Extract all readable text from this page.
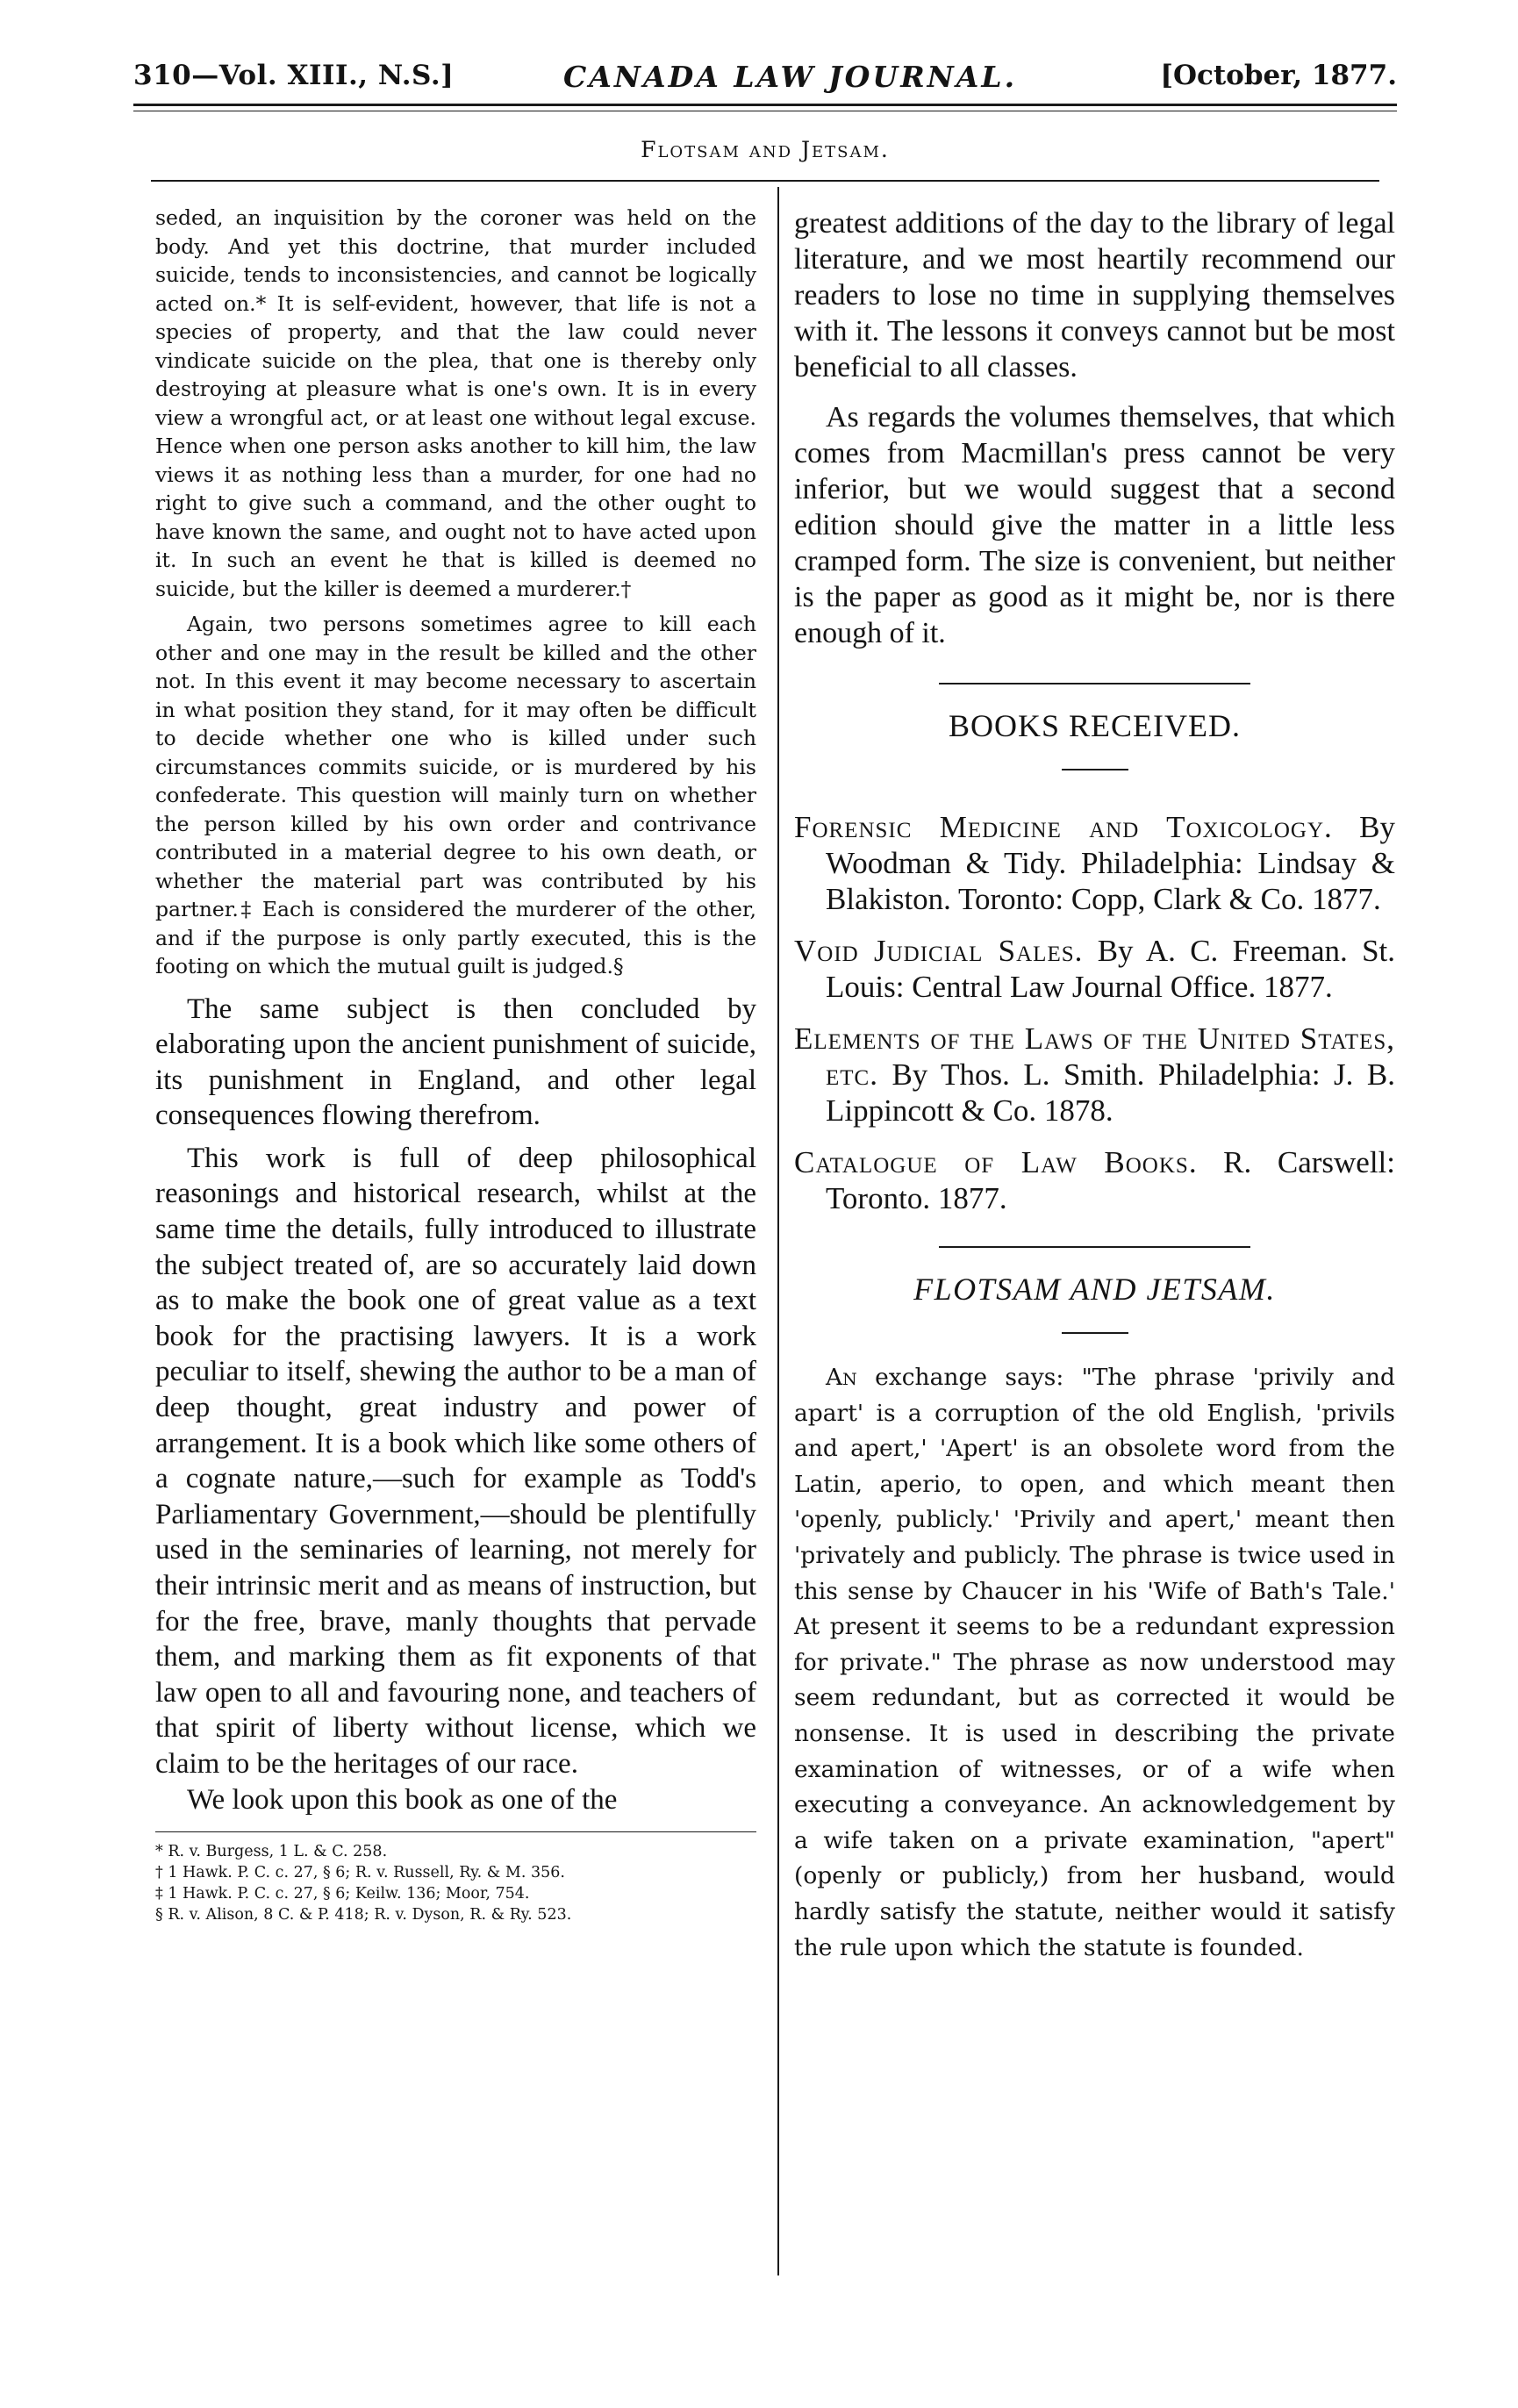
310—Vol. XIII., N.S.]	CANADA LAW JOURNAL.	[October, 1877.
Flotsam and Jetsam.

seded, an inquisition by the coroner was held on the body. And yet this doctrine, that murder included suicide, tends to inconsistencies, and cannot be logically acted on.* It is self-evident, however, that life is not a species of property, and that the law could never vindicate suicide on the plea, that one is thereby only destroying at pleasure what is one's own. It is in every view a wrongful act, or at least one without legal excuse. Hence when one person asks another to kill him, the law views it as nothing less than a murder, for one had no right to give such a command, and the other ought to have known the same, and ought not to have acted upon it. In such an event he that is killed is deemed no suicide, but the killer is deemed a murderer.†

Again, two persons sometimes agree to kill each other and one may in the result be killed and the other not. In this event it may become necessary to ascertain in what position they stand, for it may often be difficult to decide whether one who is killed under such circumstances commits suicide, or is murdered by his confederate. This question will mainly turn on whether the person killed by his own order and contrivance contributed in a material degree to his own death, or whether the material part was contributed by his partner.‡ Each is considered the murderer of the other, and if the purpose is only partly executed, this is the footing on which the mutual guilt is judged.§

The same subject is then concluded by elaborating upon the ancient punishment of suicide, its punishment in England, and other legal consequences flowing therefrom.

This work is full of deep philosophical reasonings and historical research, whilst at the same time the details, fully introduced to illustrate the subject treated of, are so accurately laid down as to make the book one of great value as a text book for the practising lawyers. It is a work peculiar to itself, shewing the author to be a man of deep thought, great industry and power of arrangement. It is a book which like some others of a cognate nature,—such for example as Todd's Parliamentary Government,—should be plentifully used in the seminaries of learning, not merely for their intrinsic merit and as means of instruction, but for the free, brave, manly thoughts that pervade them, and marking them as fit exponents of that law open to all and favouring none, and teachers of that spirit of liberty without license, which we claim to be the heritages of our race.

We look upon this book as one of the

* R. v. Burgess, 1 L. & C. 258.
† 1 Hawk. P. C. c. 27, § 6; R. v. Russell, Ry. & M. 356.
‡ 1 Hawk. P. C. c. 27, § 6; Keilw. 136; Moor, 754.
§ R. v. Alison, 8 C. & P. 418; R. v. Dyson, R. & Ry. 523.

greatest additions of the day to the library of legal literature, and we most heartily recommend our readers to lose no time in supplying themselves with it. The lessons it conveys cannot but be most beneficial to all classes.

As regards the volumes themselves, that which comes from Macmillan's press cannot be very inferior, but we would suggest that a second edition should give the matter in a little less cramped form. The size is convenient, but neither is the paper as good as it might be, nor is there enough of it.

BOOKS RECEIVED.

Forensic Medicine and Toxicology. By Woodman & Tidy. Philadelphia: Lindsay & Blakiston. Toronto: Copp, Clark & Co. 1877.

Void Judicial Sales. By A. C. Freeman. St. Louis: Central Law Journal Office. 1877.

Elements of the Laws of the United States, etc. By Thos. L. Smith. Philadelphia: J. B. Lippincott & Co. 1878.

Catalogue of Law Books. R. Carswell: Toronto. 1877.

FLOTSAM AND JETSAM.

An exchange says: "The phrase 'privily and apart' is a corruption of the old English, 'privils and apert,' 'Apert' is an obsolete word from the Latin, aperio, to open, and which meant then 'openly, publicly.' 'Privily and apert,' meant then 'privately and publicly. The phrase is twice used in this sense by Chaucer in his 'Wife of Bath's Tale.' At present it seems to be a redundant expression for private." The phrase as now understood may seem redundant, but as corrected it would be nonsense. It is used in describing the private examination of witnesses, or of a wife when executing a conveyance. An acknowledgement by a wife taken on a private examination, "apert" (openly or publicly,) from her husband, would hardly satisfy the statute, neither would it satisfy the rule upon which the statute is founded.
